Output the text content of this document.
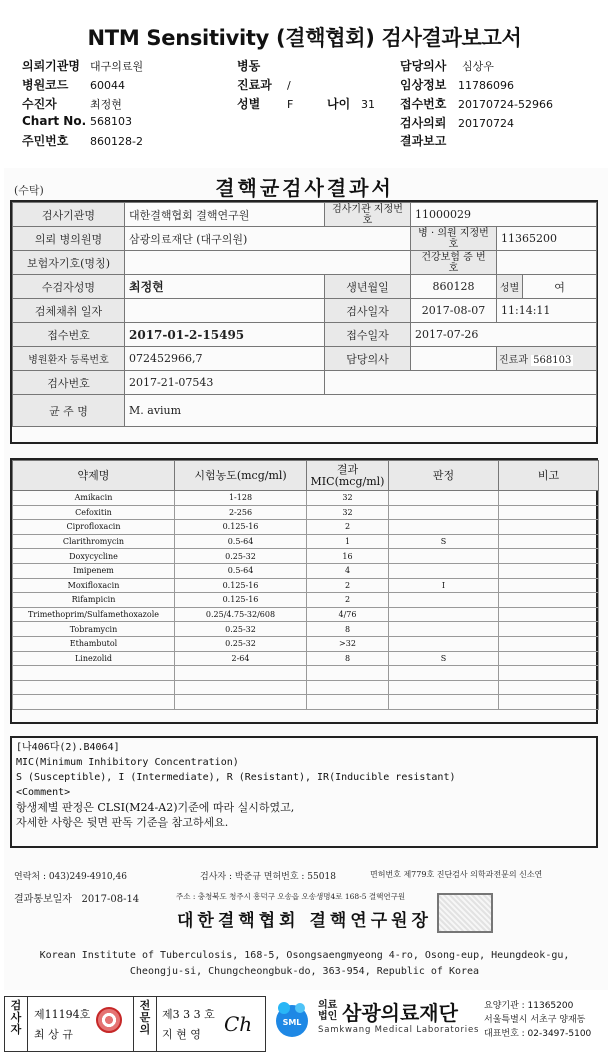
NTM Sensitivity (결핵협회) 검사결과보고서
의뢰기관명 대구의료원	병동	담당의사 심상우
병원코드 60044	진료과 /	임상정보 11786096
수진자	최정현	성별 F	나이 31 접수번호 20170724-52966
Chart No. 568103	검사의뢰 20170724
주민번호 860128-2	결과보고
(수탁)	결핵균검사결과서
검사기관명	대한결핵협회 결핵연구원	검사기관 지정번호	11000029		
의뢰 병의원명	삼광의료재단 (대구의원)		병 · 의원 지정번호	11365200	
보험자기호(명칭)			건강보험 증 번 호		
수검자성명	최정현	생년월일	860128	성별	여
검체채취 일자		검사일자	2017-08-07	11:14:11	
접수번호	2017-01-2-15495	접수일자	2017-07-26		
병원환자 등록번호	072452966,7	담당의사		진료과 568103	
검사번호	2017-21-07543				
균 주 명	M. avium				
약제명	시험농도(mcg/ml)	결과 MIC(mcg/ml)	판정	비고
Amikacin	1-128	32		
Cefoxitin	2-256	32		
Ciprofloxacin	0.125-16	2		
Clarithromycin	0.5-64	1	S	
Doxycycline	0.25-32	16		
Imipenem	0.5-64	4		
Moxifloxacin	0.125-16	2	I	
Rifampicin	0.125-16	2		
Trimethoprim/Sulfamethoxazole	0.25/4.75-32/608	4/76		
Tobramycin	0.25-32	8		
Ethambutol	0.25-32	>32		
Linezolid	2-64	8	S	

[나406다(2).B4064]
MIC(Minimum Inhibitory Concentration)
S (Susceptible), I (Intermediate), R (Resistant), IR(Inducible resistant)
<Comment>
항생제별 판정은 CLSI(M24-A2)기준에 따라 실시하였고,
자세한 사항은 뒷면 판독 기준을 참고하세요.
연락처 : 043)249-4910,46	검사자 : 박준규 면허번호 : 55018	면허번호 제779호 진단검사 의학과전문의 신소연
결과통보일자 2017-08-14	주소 : 충청북도 청주시 흥덕구 오송읍 오송생명4로 168-5 결핵연구원
대한결핵협회 결핵연구원장
Korean Institute of Tuberculosis, 168-5, Osongsaengmyeong 4-ro, Osong-eup, Heungdeok-gu,
Cheongju-si, Chungcheongbuk-do, 363-954, Republic of Korea
검사자
제11194호
최 상 규
전문의
제3 3 3 호
지 현 영 Ch	SML
의료
법인 삼광의료재단
Samkwang Medical Laboratories
요양기관 : 11365200
서울특별시 서초구 양재동
대표번호 : 02-3497-5100
